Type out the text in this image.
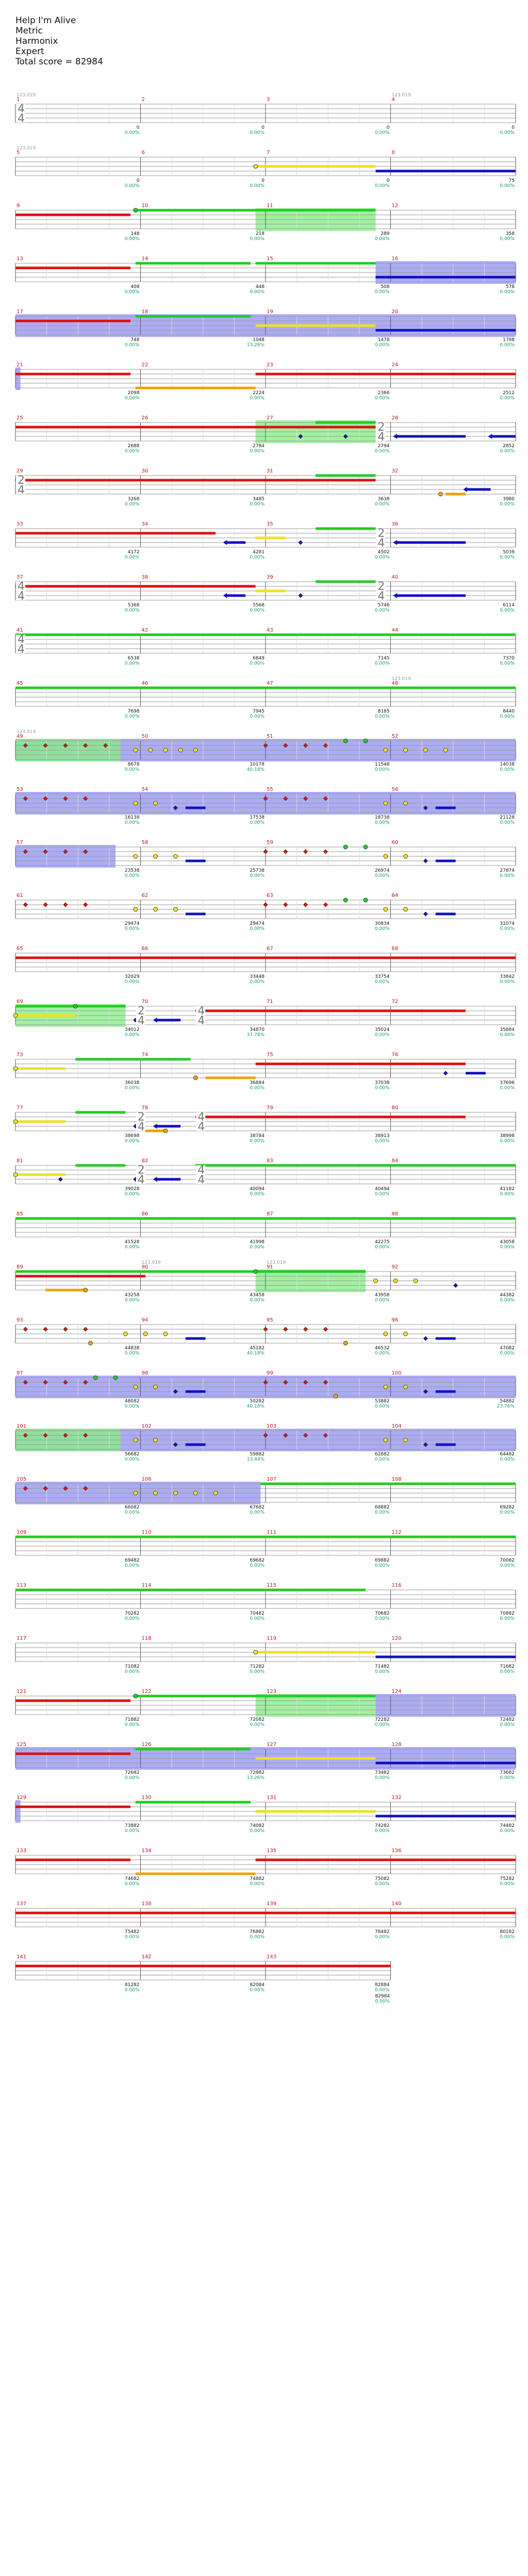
Help I'm Alive
Metric
Harmonix
Expert
Total score = 82984
4
4
1
123.019
0
0.00%
2
0
0.00%
3
0
0.00%
4
123.019
0
0.00%
5
123.019
0
0.00%
6
0
0.00%
7
0
0.00%
8
75
0.00%
9
148
0.00%
10
218
0.00%
11
289
0.00%
12
358
0.00%
13
408
0.00%
14
448
0.00%
15
508
0.00%
16
578
0.00%
17
748
0.00%
18
1048
13.26%
19
1478
0.00%
20
1798
0.00%
21
2098
0.00%
22
2224
0.00%
23
2366
0.00%
24
2512
0.00%
2
4
25
2688
0.00%
26
2784
0.00%
27
2794
0.00%
28
2852
0.00%
2
4
29
3268
0.00%
30
3485
0.00%
31
3638
0.00%
32
3980
0.00%
2
4
33
4172
0.00%
34
4281
0.00%
35
4502
0.00%
36
5039
0.00%
4
4
2
4
37
5368
0.00%
38
5568
0.00%
39
5746
0.00%
40
6114
0.00%
4
4
41
6538
0.00%
42
6849
0.00%
43
7145
0.00%
44
7370
0.00%
45
7698
0.00%
46
7945
0.00%
47
8185
0.00%
48
123.019
8440
0.00%
49
123.019
8678
0.00%
50
10178
40.18%
51
11548
0.00%
52
14038
0.00%
53
16138
0.00%
54
17538
0.00%
55
18738
0.00%
56
21128
0.00%
57
23538
0.00%
58
25738
0.00%
59
26974
0.00%
60
27874
0.00%
61
29474
0.00%
62
29474
0.00%
63
30834
0.00%
64
31074
0.00%
65
32029
0.00%
66
33448
0.00%
67
33754
0.00%
68
33842
0.00%
2
4
4
4
69
34012
0.00%
70
34870
37.78%
71
35024
0.00%
72
35884
0.00%
73
36038
0.00%
74
36884
0.00%
75
37038
0.00%
76
37696
0.00%
2
4
4
4
77
38698
0.00%
78
38784
0.00%
79
38913
0.00%
80
38998
0.00%
2
4
4
4
81
39028
0.00%
82
40094
0.00%
83
40494
0.00%
84
41182
0.00%
85
41528
0.00%
86
41998
0.00%
87
42275
0.00%
88
43058
0.00%
89
43258
0.00%
90
123.019
43458
0.00%
91
123.019
43958
0.00%
92
44382
0.00%
93
44838
0.00%
94
45182
40.18%
95
46532
0.00%
96
47082
0.00%
97
48082
0.00%
98
50282
40.18%
99
53882
0.00%
100
54882
23.76%
101
56682
0.00%
102
59882
13.44%
103
62882
0.00%
104
64482
0.00%
105
66082
0.00%
106
67682
0.00%
107
68882
0.00%
108
69282
0.00%
109
69482
0.00%
110
69682
0.00%
111
69882
0.00%
112
70082
0.00%
113
70282
0.00%
114
70482
0.00%
115
70682
0.00%
116
70882
0.00%
117
71082
0.00%
118
71282
0.00%
119
71482
0.00%
120
71682
0.00%
121
71882
0.00%
122
72082
0.00%
123
72282
0.00%
124
72482
0.00%
125
72682
0.00%
126
72882
13.26%
127
73482
0.00%
128
73682
0.00%
129
73882
0.00%
130
74082
0.00%
131
74282
0.00%
132
74482
0.00%
133
74682
0.00%
134
74882
0.00%
135
75082
0.00%
136
75282
0.00%
137
75482
0.00%
138
76882
0.00%
139
78482
0.00%
140
80182
0.00%
141
81282
0.00%
142
82084
0.00%
143
82884
0.00%
82984
0.00%
